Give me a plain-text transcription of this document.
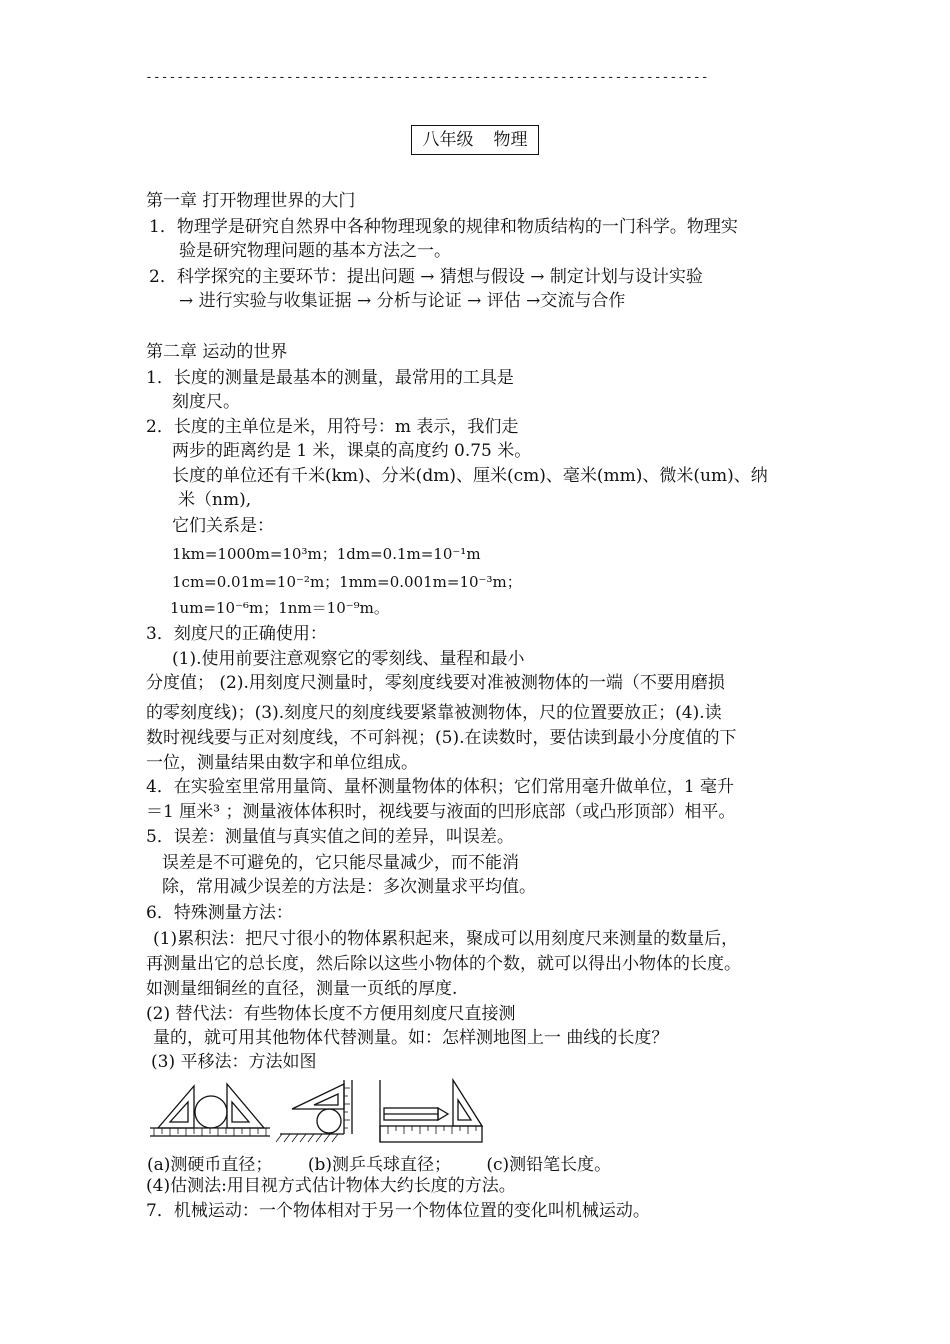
------------------------------------------------------------------------
八年级 物理
第一章 打开物理世界的大门
1．物理学是研究自然界中各种物理现象的规律和物质结构的一门科学。物理实
验是研究物理问题的基本方法之一。
2．科学探究的主要环节：提出问题 → 猜想与假设 → 制定计划与设计实验
→ 进行实验与收集证据 → 分析与论证 → 评估 →交流与合作
第二章 运动的世界
1．长度的测量是最基本的测量，最常用的工具是
刻度尺。
2．长度的主单位是米，用符号：m 表示，我们走
两步的距离约是 1 米，课桌的高度约 0.75 米。
长度的单位还有千米(km)、分米(dm)、厘米(cm)、毫米(mm)、微米(um)、纳
米（nm),
它们关系是：
1km=1000m=10³m；1dm=0.1m=10⁻¹m
1cm=0.01m=10⁻²m；1mm=0.001m=10⁻³m；
1um=10⁻⁶m；1nm＝10⁻⁹m。
3．刻度尺的正确使用：
(1).使用前要注意观察它的零刻线、量程和最小
分度值； (2).用刻度尺测量时，零刻度线要对准被测物体的一端（不要用磨损
的零刻度线)；(3).刻度尺的刻度线要紧靠被测物体，尺的位置要放正；(4).读
数时视线要与正对刻度线，不可斜视；(5).在读数时，要估读到最小分度值的下
一位，测量结果由数字和单位组成。
4．在实验室里常用量筒、量杯测量物体的体积；它们常用毫升做单位，1 毫升
＝1 厘米³ ；测量液体体积时，视线要与液面的凹形底部（或凸形顶部）相平。
5．误差：测量值与真实值之间的差异，叫误差。
误差是不可避免的，它只能尽量减少，而不能消
除，常用减少误差的方法是：多次测量求平均值。
6．特殊测量方法：
(1)累积法：把尺寸很小的物体累积起来，聚成可以用刻度尺来测量的数量后，
再测量出它的总长度，然后除以这些小物体的个数，就可以得出小物体的长度。
如测量细铜丝的直径，测量一页纸的厚度.
(2) 替代法：有些物体长度不方便用刻度尺直接测
量的，就可用其他物体代替测量。如：怎样测地图上一 曲线的长度？
(3) 平移法：方法如图
(a)测硬币直径； (b)测乒乓球直径； (c)测铅笔长度。
(4)估测法:用目视方式估计物体大约长度的方法。
7．机械运动：一个物体相对于另一个物体位置的变化叫机械运动。
